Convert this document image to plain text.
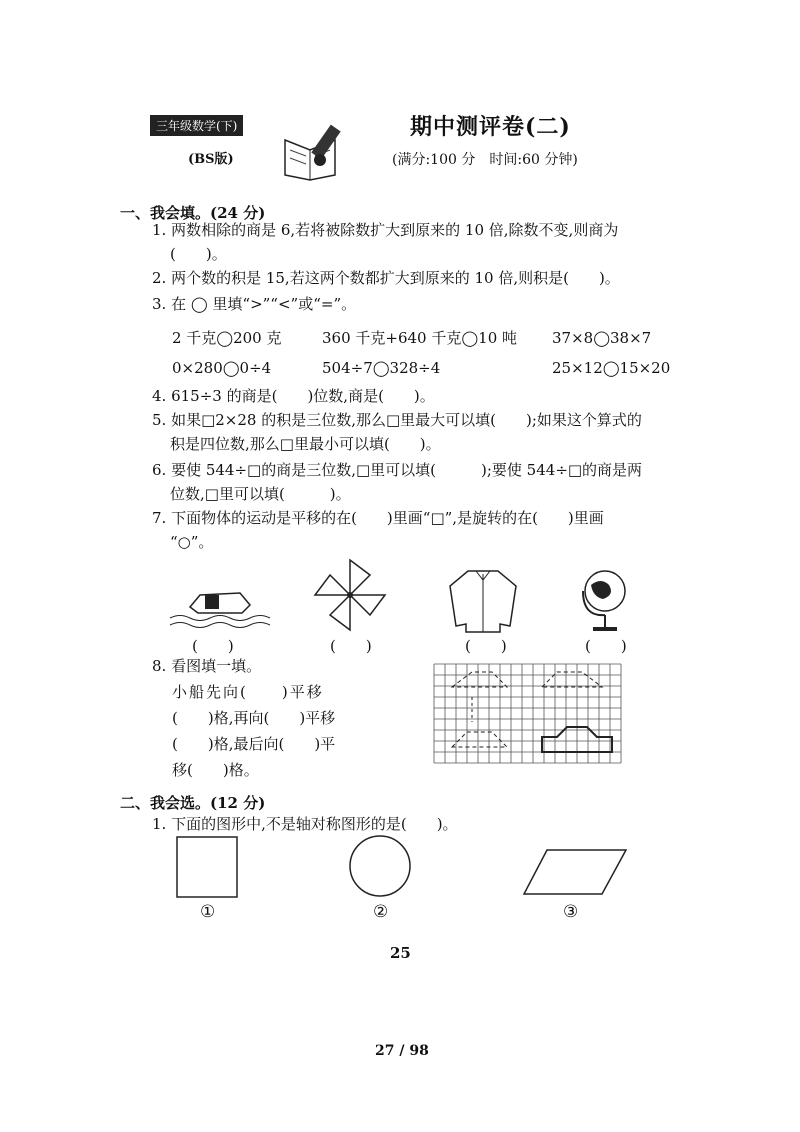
三年级数学(下)
(BS版)
期中测评卷(二)
(满分:100 分　时间:60 分钟)
一、我会填。(24 分)
1. 两数相除的商是 6,若将被除数扩大到原来的 10 倍,除数不变,则商为
(　　)。
2. 两个数的积是 15,若这两个数都扩大到原来的 10 倍,则积是(　　)。
3. 在 ◯ 里填“>”“<”或“=”。
2 千克◯200 克	360 千克+640 千克◯10 吨 37×8◯38×7
0×280◯0÷4	504÷7◯328÷4	25×12◯15×20
4. 615÷3 的商是(　　)位数,商是(　　)。
5. 如果□2×28 的积是三位数,那么□里最大可以填(　　);如果这个算式的
积是四位数,那么□里最小可以填(　　)。
6. 要使 544÷□的商是三位数,□里可以填(　　　);要使 544÷□的商是两
位数,□里可以填(　　　)。
7. 下面物体的运动是平移的在(　　)里画“□”,是旋转的在(　　)里画
“○”。
(　　)	(　　)	(　　)	(　　)
8. 看图填一填。
小船先向(　　)平移
(　　)格,再向(　　)平移
(　　)格,最后向(　　)平
移(　　)格。
二、我会选。(12 分)
1. 下面的图形中,不是轴对称图形的是(　　)。
①	②	③
25
27 / 98
